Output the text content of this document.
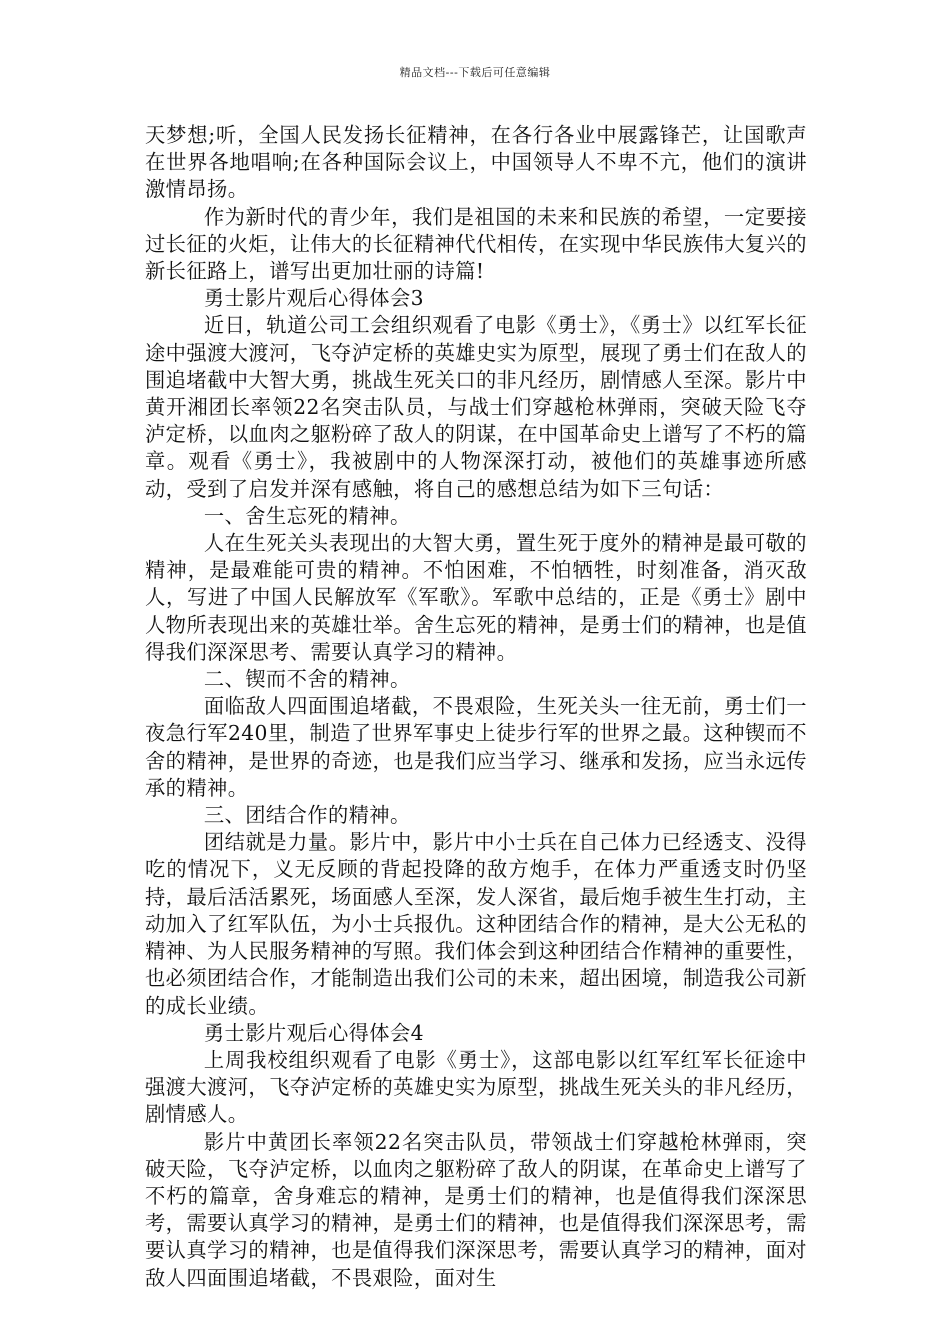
精品文档---下载后可任意编辑

天梦想;听，全国人民发扬长征精神，在各行各业中展露锋芒，让国歌声在世界各地唱响;在各种国际会议上，中国领导人不卑不亢，他们的演讲激情昂扬。

作为新时代的青少年，我们是祖国的未来和民族的希望，一定要接过长征的火炬，让伟大的长征精神代代相传，在实现中华民族伟大复兴的新长征路上，谱写出更加壮丽的诗篇!

勇士影片观后心得体会3

近日，轨道公司工会组织观看了电影《勇士》，《勇士》以红军长征途中强渡大渡河，飞夺泸定桥的英雄史实为原型，展现了勇士们在敌人的围追堵截中大智大勇，挑战生死关口的非凡经历，剧情感人至深。影片中黄开湘团长率领22名突击队员，与战士们穿越枪林弹雨，突破天险飞夺泸定桥，以血肉之躯粉碎了敌人的阴谋，在中国革命史上谱写了不朽的篇章。观看《勇士》，我被剧中的人物深深打动，被他们的英雄事迹所感动，受到了启发并深有感触，将自己的感想总结为如下三句话：

一、舍生忘死的精神。

人在生死关头表现出的大智大勇，置生死于度外的精神是最可敬的精神，是最难能可贵的精神。不怕困难，不怕牺牲，时刻准备，消灭敌人，写进了中国人民解放军《军歌》。军歌中总结的，正是《勇士》剧中人物所表现出来的英雄壮举。舍生忘死的精神，是勇士们的精神，也是值得我们深深思考、需要认真学习的精神。

二、锲而不舍的精神。

面临敌人四面围追堵截，不畏艰险，生死关头一往无前，勇士们一夜急行军240里，制造了世界军事史上徒步行军的世界之最。这种锲而不舍的精神，是世界的奇迹，也是我们应当学习、继承和发扬，应当永远传承的精神。

三、团结合作的精神。

团结就是力量。影片中，影片中小士兵在自己体力已经透支、没得吃的情况下，义无反顾的背起投降的敌方炮手，在体力严重透支时仍坚持，最后活活累死，场面感人至深，发人深省，最后炮手被生生打动，主动加入了红军队伍，为小士兵报仇。这种团结合作的精神，是大公无私的精神、为人民服务精神的写照。我们体会到这种团结合作精神的重要性，也必须团结合作，才能制造出我们公司的未来，超出困境，制造我公司新的成长业绩。

勇士影片观后心得体会4

上周我校组织观看了电影《勇士》，这部电影以红军红军长征途中强渡大渡河，飞夺泸定桥的英雄史实为原型，挑战生死关头的非凡经历，剧情感人。

影片中黄团长率领22名突击队员，带领战士们穿越枪林弹雨，突破天险，飞夺泸定桥，以血肉之躯粉碎了敌人的阴谋，在革命史上谱写了不朽的篇章，舍身难忘的精神，是勇士们的精神，也是值得我们深深思考，需要认真学习的精神，是勇士们的精神，也是值得我们深深思考，需要认真学习的精神，也是值得我们深深思考，需要认真学习的精神，面对敌人四面围追堵截，不畏艰险，面对生
